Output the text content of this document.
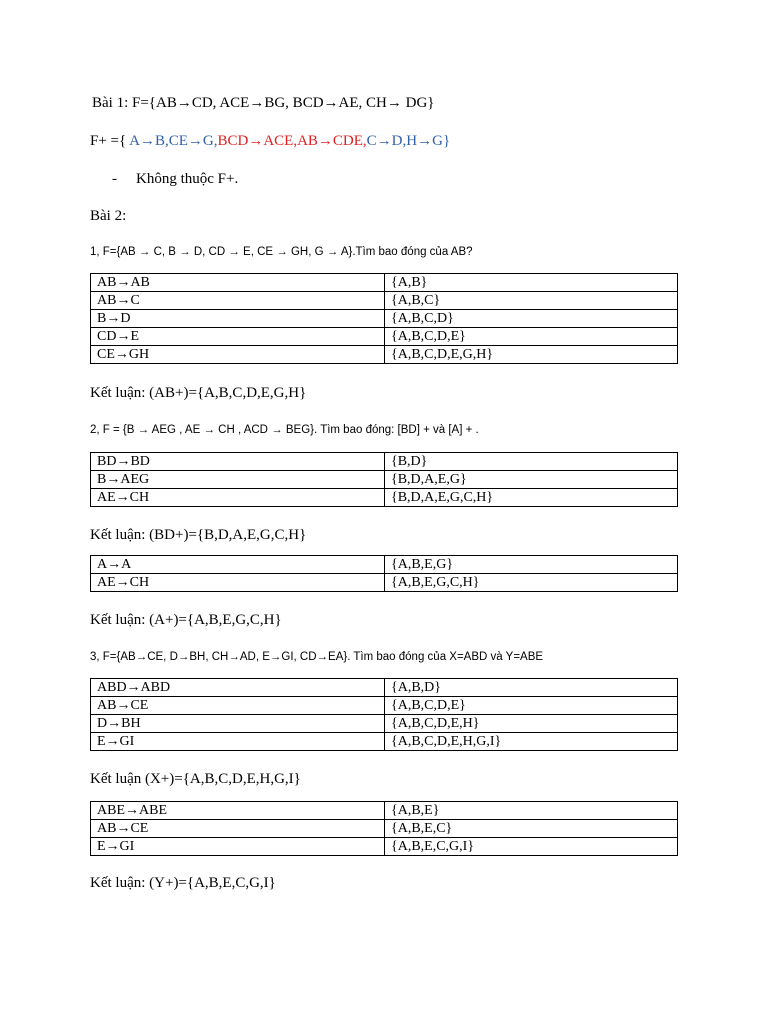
Bài 1: F={AB→CD, ACE→BG, BCD→AE, CH→ DG}
F+ ={ A→B,CE→G,BCD→ACE,AB→CDE,C→D,H→G}
- Không thuộc F+.
Bài 2:
1, F={AB → C, B → D, CD → E, CE → GH, G → A}.Tìm bao đóng của AB?
AB→AB	{A,B}
AB→C	{A,B,C}
B→D	{A,B,C,D}
CD→E	{A,B,C,D,E}
CE→GH	{A,B,C,D,E,G,H}
Kết luận: (AB+)={A,B,C,D,E,G,H}
2, F = {B → AEG , AE → CH , ACD → BEG}. Tìm bao đóng: [BD] + và [A] + .
BD→BD	{B,D}
B→AEG	{B,D,A,E,G}
AE→CH	{B,D,A,E,G,C,H}
Kết luận: (BD+)={B,D,A,E,G,C,H}
A→A	{A,B,E,G}
AE→CH	{A,B,E,G,C,H}
Kết luận: (A+)={A,B,E,G,C,H}
3, F={AB→CE, D→BH, CH→AD, E→GI, CD→EA}. Tìm bao đóng của X=ABD và Y=ABE
ABD→ABD	{A,B,D}
AB→CE	{A,B,C,D,E}
D→BH	{A,B,C,D,E,H}
E→GI	{A,B,C,D,E,H,G,I}
Kết luận (X+)={A,B,C,D,E,H,G,I}
ABE→ABE	{A,B,E}
AB→CE	{A,B,E,C}
E→GI	{A,B,E,C,G,I}
Kết luận: (Y+)={A,B,E,C,G,I}
